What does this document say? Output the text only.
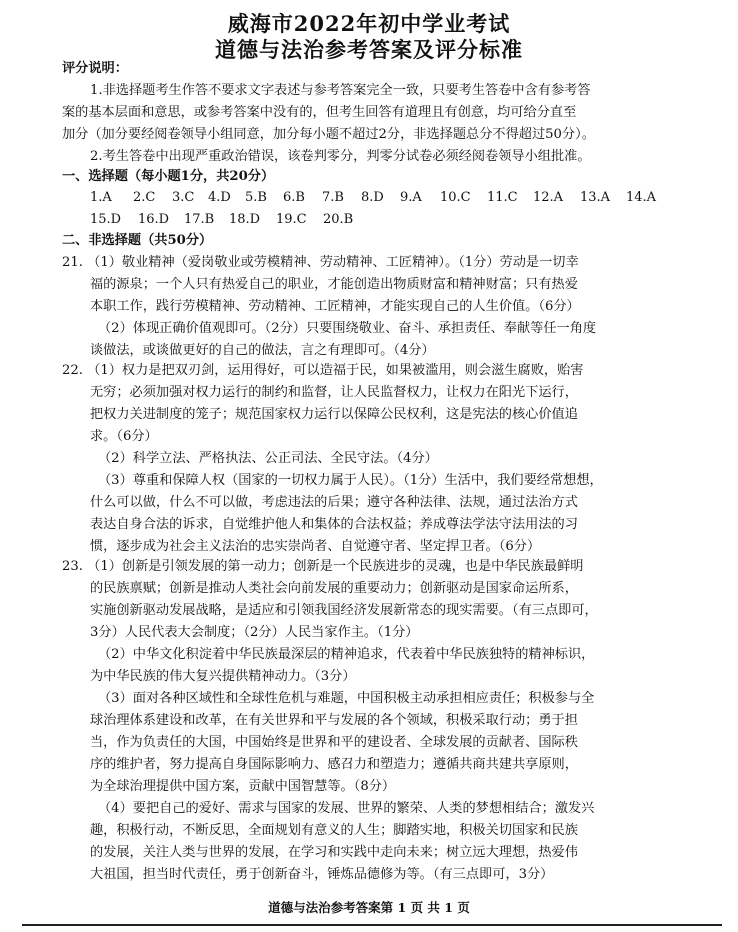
威海市2022年初中学业考试
道德与法治参考答案及评分标准
评分说明：
1.非选择题考生作答不要求文字表述与参考答案完全一致，只要考生答卷中含有参考答
案的基本层面和意思，或参考答案中没有的，但考生回答有道理且有创意，均可给分直至
加分（加分要经阅卷领导小组同意，加分每小题不超过2分，非选择题总分不得超过50分）。
2.考生答卷中出现严重政治错误，该卷判零分，判零分试卷必须经阅卷领导小组批准。
一、选择题（每小题1分，共20分）
1.A 2.C 3.C 4.D 5.B 6.B 7.B 8.D 9.A 10.C 11.C 12.A 13.A 14.A
15.D 16.D 17.B 18.D 19.C 20.B
二、非选择题（共50分）
21. （1）敬业精神（爱岗敬业或劳模精神、劳动精神、工匠精神）。（1分）劳动是一切幸
福的源泉；一个人只有热爱自己的职业，才能创造出物质财富和精神财富；只有热爱
本职工作，践行劳模精神、劳动精神、工匠精神，才能实现自己的人生价值。（6分）
（2）体现正确价值观即可。（2分）只要围绕敬业、奋斗、承担责任、奉献等任一角度
谈做法，或谈做更好的自己的做法，言之有理即可。（4分）
22. （1）权力是把双刃剑，运用得好，可以造福于民，如果被滥用，则会滋生腐败，贻害
无穷；必须加强对权力运行的制约和监督，让人民监督权力，让权力在阳光下运行，
把权力关进制度的笼子；规范国家权力运行以保障公民权利，这是宪法的核心价值追
求。（6分）
（2）科学立法、严格执法、公正司法、全民守法。（4分）
（3）尊重和保障人权（国家的一切权力属于人民）。（1分）生活中，我们要经常想想，
什么可以做，什么不可以做，考虑违法的后果；遵守各种法律、法规，通过法治方式
表达自身合法的诉求，自觉维护他人和集体的合法权益；养成尊法学法守法用法的习
惯，逐步成为社会主义法治的忠实崇尚者、自觉遵守者、坚定捍卫者。（6分）
23. （1）创新是引领发展的第一动力；创新是一个民族进步的灵魂，也是中华民族最鲜明
的民族禀赋；创新是推动人类社会向前发展的重要动力；创新驱动是国家命运所系，
实施创新驱动发展战略，是适应和引领我国经济发展新常态的现实需要。（有三点即可，
3分）人民代表大会制度；（2分）人民当家作主。（1分）
（2）中华文化积淀着中华民族最深层的精神追求，代表着中华民族独特的精神标识，
为中华民族的伟大复兴提供精神动力。（3分）
（3）面对各种区域性和全球性危机与难题，中国积极主动承担相应责任；积极参与全
球治理体系建设和改革，在有关世界和平与发展的各个领域，积极采取行动；勇于担
当，作为负责任的大国，中国始终是世界和平的建设者、全球发展的贡献者、国际秩
序的维护者，努力提高自身国际影响力、感召力和塑造力；遵循共商共建共享原则，
为全球治理提供中国方案，贡献中国智慧等。（8分）
（4）要把自己的爱好、需求与国家的发展、世界的繁荣、人类的梦想相结合；激发兴
趣，积极行动，不断反思，全面规划有意义的人生；脚踏实地，积极关切国家和民族
的发展，关注人类与世界的发展，在学习和实践中走向未来；树立远大理想，热爱伟
大祖国，担当时代责任，勇于创新奋斗，锤炼品德修为等。（有三点即可，3分）
道德与法治参考答案第 1 页 共 1 页
